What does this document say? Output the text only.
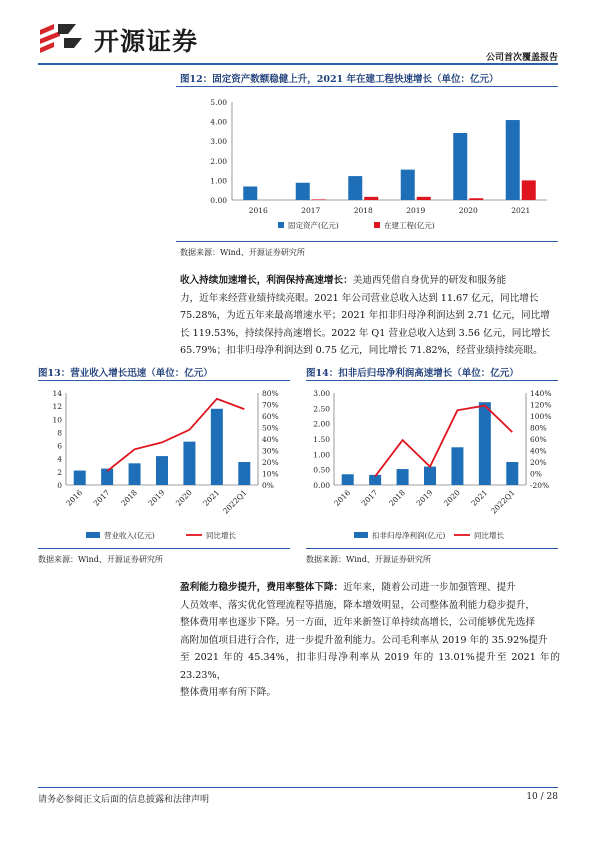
开源证券
公司首次覆盖报告
图12：固定资产数额稳健上升，2021 年在建工程快速增长（单位：亿元）
0.00
1.00
2.00
3.00
4.00
5.00
2016	2017	2018	2019	2020	2021
固定资产(亿元)	在建工程(亿元)
数据来源：Wind、开源证券研究所
收入持续加速增长，利润保持高速增长：美迪西凭借自身优异的研发和服务能
力，近年来经营业绩持续亮眼。2021 年公司营业总收入达到 11.67 亿元，同比增长
75.28%，为近五年来最高增速水平；2021 年扣非归母净利润达到 2.71 亿元，同比增
长 119.53%，持续保持高速增长。2022 年 Q1 营业总收入达到 3.56 亿元，同比增长
65.79%；扣非归母净利润达到 0.75 亿元，同比增长 71.82%，经营业绩持续亮眼。
图13：营业收入增长迅速（单位：亿元）
0
2
4
6
8
10
12
14
0%
10%
20%
30%
40%
50%
60%
70%
80%
2016 2017 2018 2019 2020 2021 2022Q1
营业收入(亿元)	同比增长
数据来源：Wind、开源证券研究所
图14：扣非后归母净利润高速增长（单位：亿元）
0.00
0.50
1.00
1.50
2.00
2.50
3.00
-20%
0%
20%
40%
60%
80%
100%
120%
140%
2016 2017 2018 2019 2020 2021 2022Q1
扣非归母净利润(亿元)	同比增长
数据来源：Wind、开源证券研究所
盈利能力稳步提升，费用率整体下降：近年来，随着公司进一步加强管理、提升
人员效率、落实优化管理流程等措施，降本增效明显，公司整体盈利能力稳步提升，
整体费用率也逐步下降。另一方面，近年来新签订单持续高增长，公司能够优先选择
高附加值项目进行合作，进一步提升盈利能力。公司毛利率从 2019 年的 35.92%提升
至 2021 年的 45.34%，扣非归母净利率从 2019 年的 13.01%提升至 2021 年的 23.23%，
整体费用率有所下降。
请务必参阅正文后面的信息披露和法律声明	10 / 28
